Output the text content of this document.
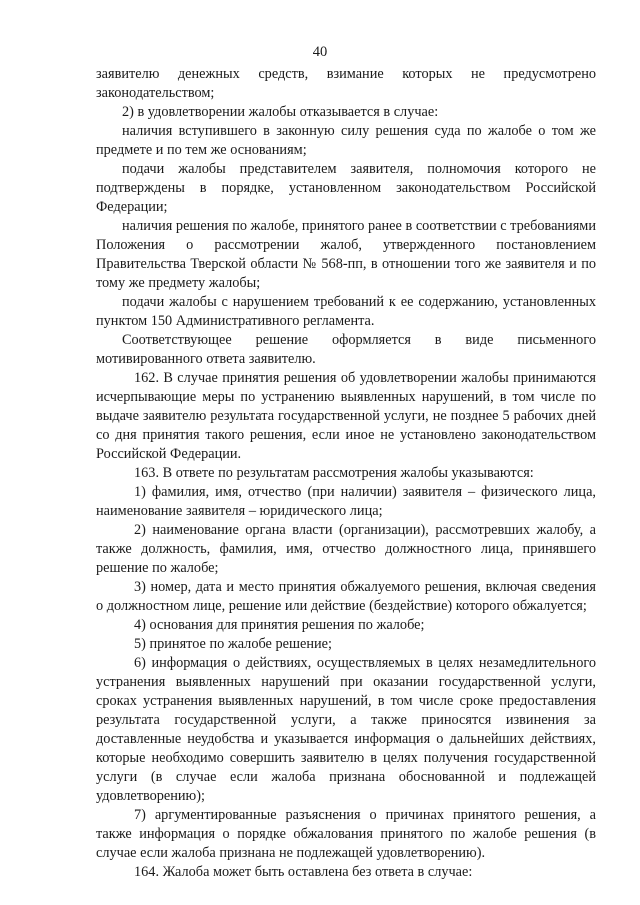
40

заявителю денежных средств, взимание которых не предусмотрено законодательством;

2) в удовлетворении жалобы отказывается в случае:

наличия вступившего в законную силу решения суда по жалобе о том же предмете и по тем же основаниям;

подачи жалобы представителем заявителя, полномочия которого не подтверждены в порядке, установленном законодательством Российской Федерации;

наличия решения по жалобе, принятого ранее в соответствии с требованиями Положения о рассмотрении жалоб, утвержденного постановлением Правительства Тверской области № 568-пп, в отношении того же заявителя и по тому же предмету жалобы;

подачи жалобы с нарушением требований к ее содержанию, установленных пунктом 150 Административного регламента.

Соответствующее решение оформляется в виде письменного мотивированного ответа заявителю.

162. В случае принятия решения об удовлетворении жалобы принимаются исчерпывающие меры по устранению выявленных нарушений, в том числе по выдаче заявителю результата государственной услуги, не позднее 5 рабочих дней со дня принятия такого решения, если иное не установлено законодательством Российской Федерации.

163. В ответе по результатам рассмотрения жалобы указываются:

1) фамилия, имя, отчество (при наличии) заявителя – физического лица, наименование заявителя – юридического лица;

2) наименование органа власти (организации), рассмотревших жалобу, а также должность, фамилия, имя, отчество должностного лица, принявшего решение по жалобе;

3) номер, дата и место принятия обжалуемого решения, включая сведения о должностном лице, решение или действие (бездействие) которого обжалуется;

4) основания для принятия решения по жалобе;

5) принятое по жалобе решение;

6) информация о действиях, осуществляемых в целях незамедлительного устранения выявленных нарушений при оказании государственной услуги, сроках устранения выявленных нарушений, в том числе сроке предоставления результата государственной услуги, а также приносятся извинения за доставленные неудобства и указывается информация о дальнейших действиях, которые необходимо совершить заявителю в целях получения государственной услуги (в случае если жалоба признана обоснованной и подлежащей удовлетворению);

7) аргументированные разъяснения о причинах принятого решения, а также информация о порядке обжалования принятого по жалобе решения (в случае если жалоба признана не подлежащей удовлетворению).

164. Жалоба может быть оставлена без ответа в случае:
